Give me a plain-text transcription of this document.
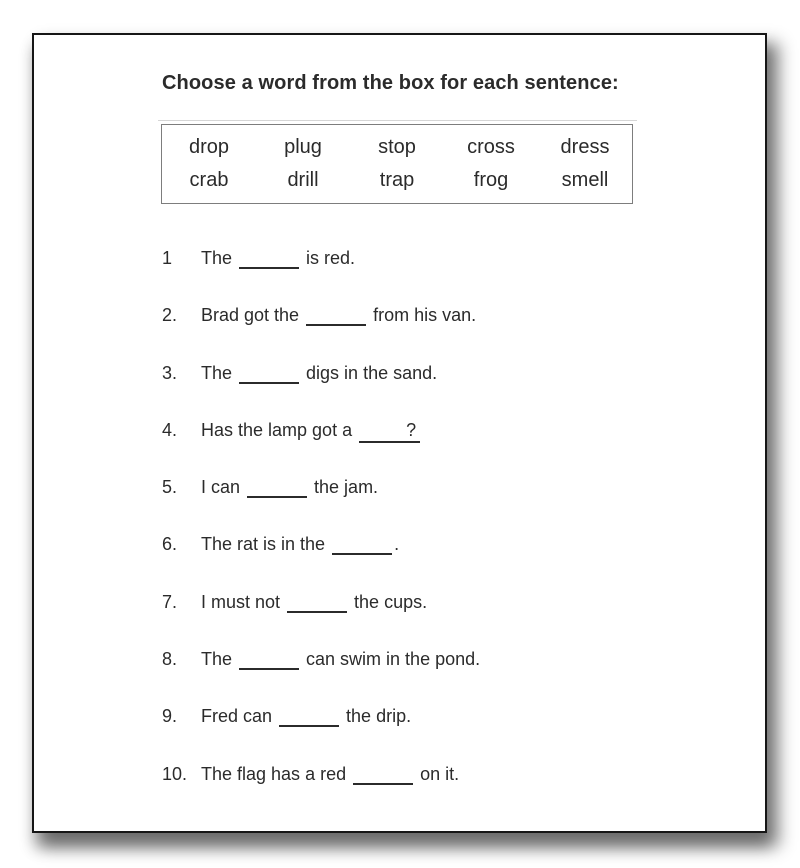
Choose a word from the box for each sentence:
drop	plug	stop	cross	dress
crab	drill	trap	frog	smell
1	The	is red.
2.	Brad got the	from his van.
3.	The	digs in the sand.
4.	Has the lamp got a	?
5.	I can	the jam.
6.	The rat is in the	.
7.	I must not	the cups.
8.	The	can swim in the pond.
9.	Fred can	the drip.
10. The flag has a red	on it.
